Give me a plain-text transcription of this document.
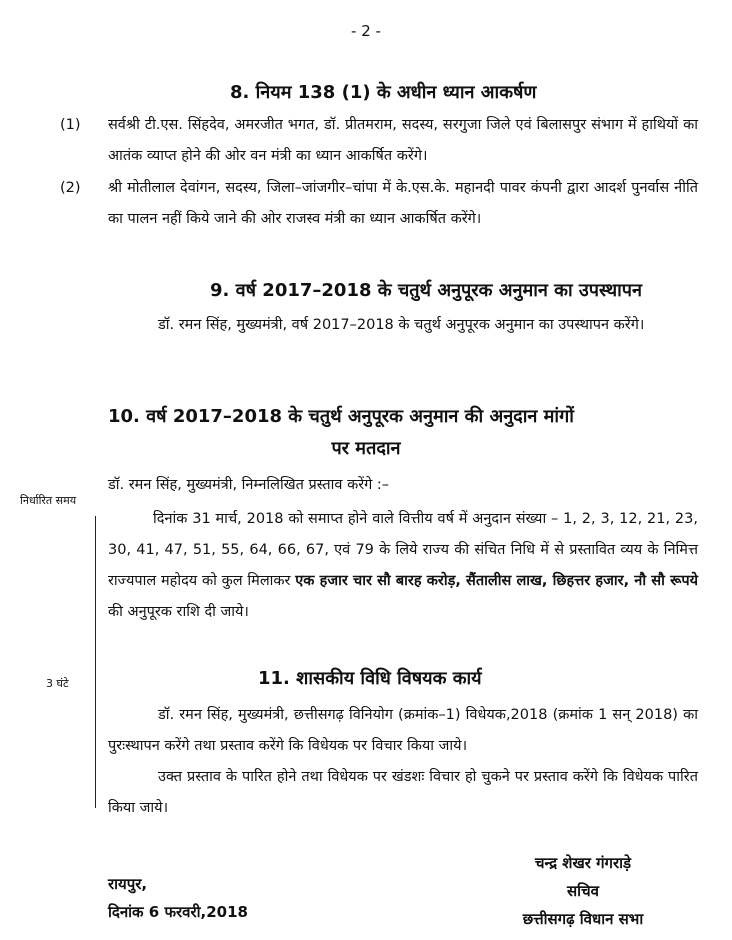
- 2 -
8. नियम 138 (1) के अधीन ध्यान आकर्षण
(1) सर्वश्री टी.एस. सिंहदेव, अमरजीत भगत, डॉ. प्रीतमराम, सदस्य, सरगुजा जिले एवं बिलासपुर संभाग में हाथियों का आतंक व्याप्त होने की ओर वन मंत्री का ध्यान आकर्षित करेंगे।
(2) श्री मोतीलाल देवांगन, सदस्य, जिला–जांजगीर–चांपा में के.एस.के. महानदी पावर कंपनी द्वारा आदर्श पुनर्वास नीति का पालन नहीं किये जाने की ओर राजस्व मंत्री का ध्यान आकर्षित करेंगे।
9. वर्ष 2017–2018 के चतुर्थ अनुपूरक अनुमान का उपस्थापन
डॉ. रमन सिंह, मुख्यमंत्री, वर्ष 2017–2018 के चतुर्थ अनुपूरक अनुमान का उपस्थापन करेंगे।
10. वर्ष 2017–2018 के चतुर्थ अनुपूरक अनुमान की अनुदान मांगों
पर मतदान
निर्धारित समय
डॉ. रमन सिंह, मुख्यमंत्री, निम्नलिखित प्रस्ताव करेंगे :–
दिनांक 31 मार्च, 2018 को समाप्त होने वाले वित्तीय वर्ष में अनुदान संख्या – 1, 2, 3, 12, 21, 23, 30, 41, 47, 51, 55, 64, 66, 67, एवं 79 के लिये राज्य की संचित निधि में से प्रस्तावित व्यय के निमित्त राज्यपाल महोदय को कुल मिलाकर एक हजार चार सौ बारह करोड़, सैंतालीस लाख, छिहत्तर हजार, नौ सौ रूपये की अनुपूरक राशि दी जाये।
3 घंटे	11. शासकीय विधि विषयक कार्य
डॉ. रमन सिंह, मुख्यमंत्री, छत्तीसगढ़ विनियोग (क्रमांक–1) विधेयक,2018 (क्रमांक 1 सन् 2018) का पुरःस्थापन करेंगे तथा प्रस्ताव करेंगे कि विधेयक पर विचार किया जाये।
उक्त प्रस्ताव के पारित होने तथा विधेयक पर खंडशः विचार हो चुकने पर प्रस्ताव करेंगे कि विधेयक पारित किया जाये।
चन्द्र शेखर गंगराड़े
सचिव
छत्तीसगढ़ विधान सभा
रायपुर,
दिनांक 6 फरवरी,2018
